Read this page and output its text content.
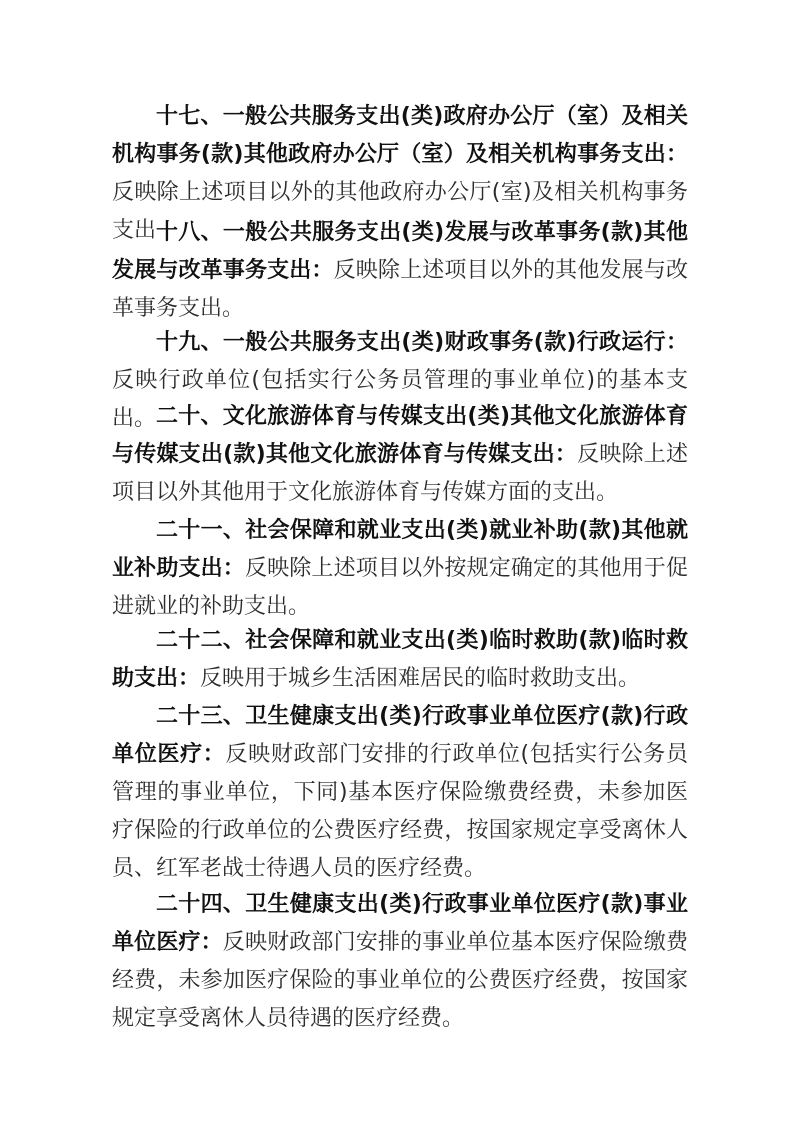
十七、一般公共服务支出(类)政府办公厅（室）及相关机构事务(款)其他政府办公厅（室）及相关机构事务支出：反映除上述项目以外的其他政府办公厅(室)及相关机构事务支出 十八、一般公共服务支出(类)发展与改革事务(款)其他发展与改革事务支出：反映除上述项目以外的其他发展与改革事务支出。

十九、一般公共服务支出(类)财政事务(款)行政运行：反映行政单位(包括实行公务员管理的事业单位)的基本支出。 二十、文化旅游体育与传媒支出(类)其他文化旅游体育与传媒支出(款)其他文化旅游体育与传媒支出：反映除上述项目以外其他用于文化旅游体育与传媒方面的支出。

二十一、社会保障和就业支出(类)就业补助(款)其他就业补助支出：反映除上述项目以外按规定确定的其他用于促进就业的补助支出。

二十二、社会保障和就业支出(类)临时救助(款)临时救助支出：反映用于城乡生活困难居民的临时救助支出。

二十三、卫生健康支出(类)行政事业单位医疗(款)行政单位医疗：反映财政部门安排的行政单位(包括实行公务员管理的事业单位，下同)基本医疗保险缴费经费，未参加医疗保险的行政单位的公费医疗经费，按国家规定享受离休人员、红军老战士待遇人员的医疗经费。

二十四、卫生健康支出(类)行政事业单位医疗(款)事业单位医疗：反映财政部门安排的事业单位基本医疗保险缴费经费，未参加医疗保险的事业单位的公费医疗经费，按国家规定享受离休人员待遇的医疗经费。
